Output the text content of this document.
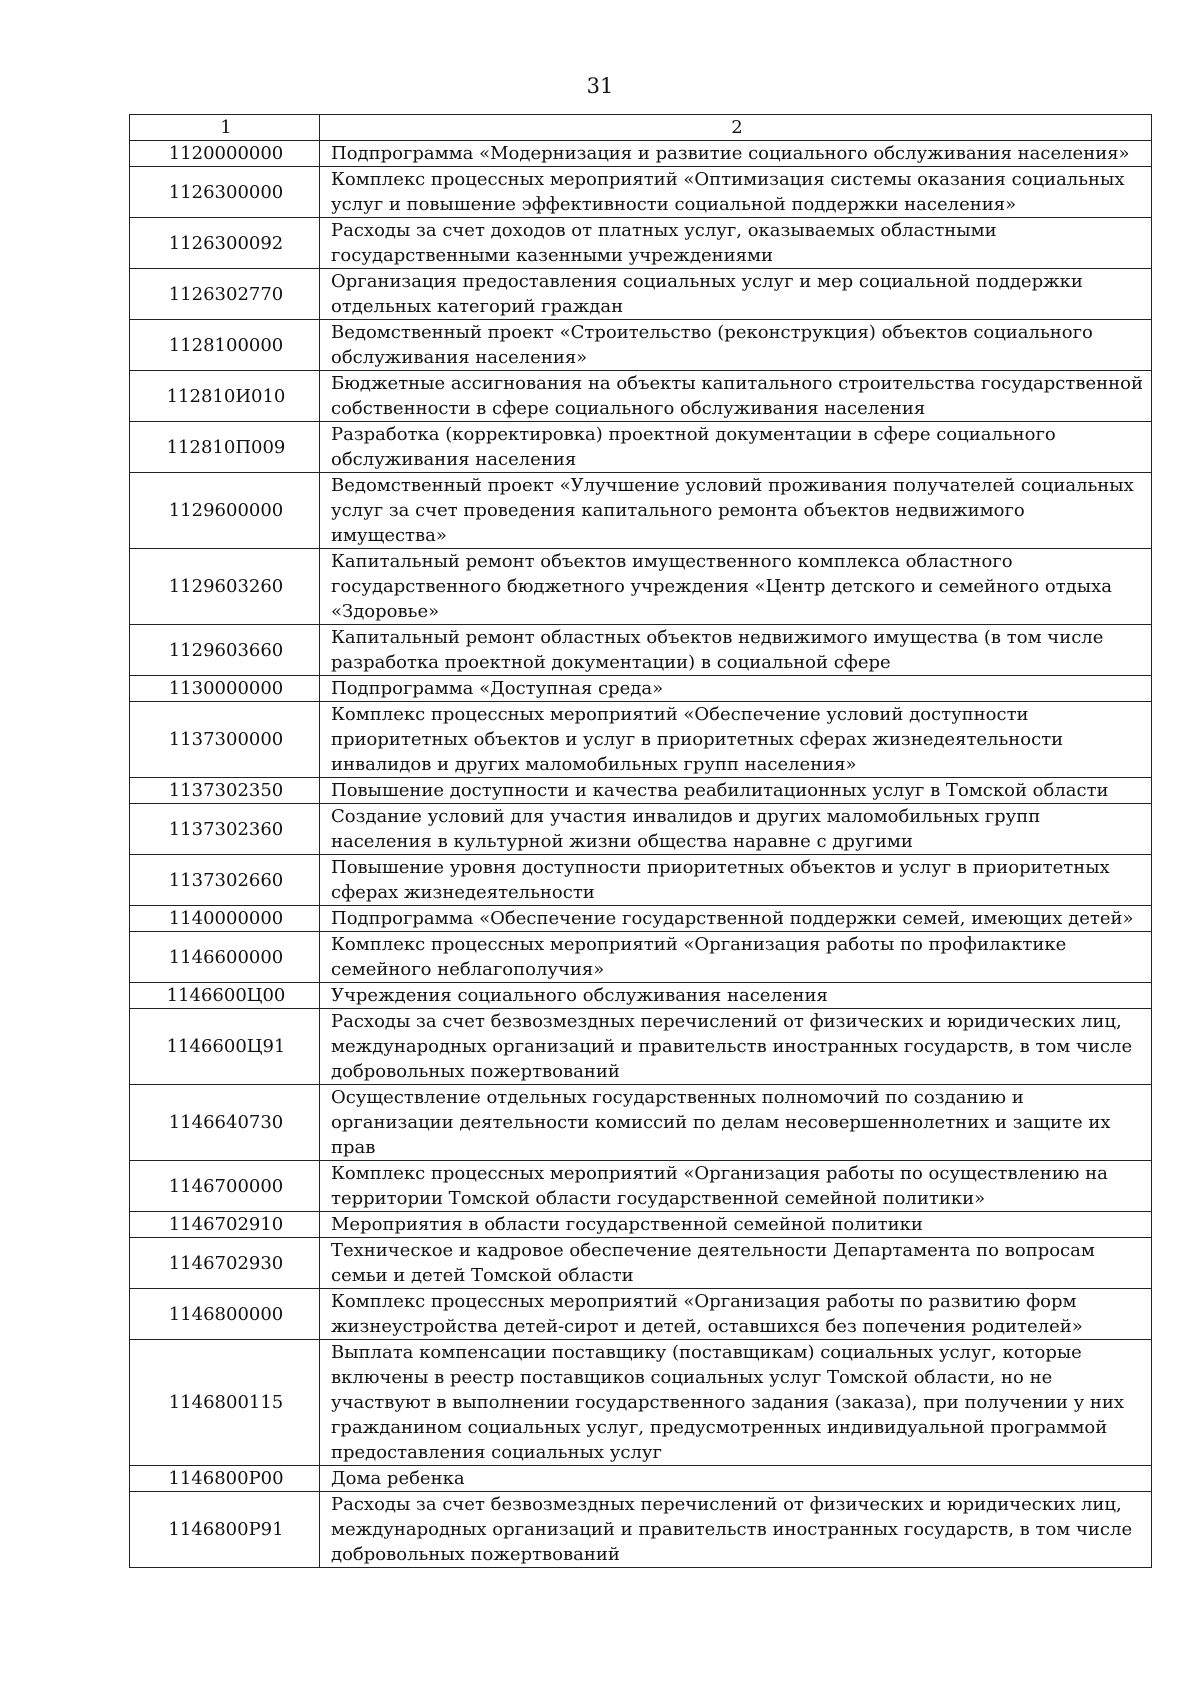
31
1	2
1120000000	Подпрограмма «Модернизация и развитие социального обслуживания населения»
1126300000	Комплекс процессных мероприятий «Оптимизация системы оказания социальных услуг и повышение эффективности социальной поддержки населения»
1126300092	Расходы за счет доходов от платных услуг, оказываемых областными государственными казенными учреждениями
1126302770	Организация предоставления социальных услуг и мер социальной поддержки отдельных категорий граждан
1128100000	Ведомственный проект «Строительство (реконструкция) объектов социального обслуживания населения»
112810И010	Бюджетные ассигнования на объекты капитального строительства государственной собственности в сфере социального обслуживания населения
112810П009	Разработка (корректировка) проектной документации в сфере социального обслуживания населения
1129600000	Ведомственный проект «Улучшение условий проживания получателей социальных услуг за счет проведения капитального ремонта объектов недвижимого имущества»
1129603260	Капитальный ремонт объектов имущественного комплекса областного государственного бюджетного учреждения «Центр детского и семейного отдыха «Здоровье»
1129603660	Капитальный ремонт областных объектов недвижимого имущества (в том числе разработка проектной документации) в социальной сфере
1130000000	Подпрограмма «Доступная среда»
1137300000	Комплекс процессных мероприятий «Обеспечение условий доступности приоритетных объектов и услуг в приоритетных сферах жизнедеятельности инвалидов и других маломобильных групп населения»
1137302350	Повышение доступности и качества реабилитационных услуг в Томской области
1137302360	Создание условий для участия инвалидов и других маломобильных групп населения в культурной жизни общества наравне с другими
1137302660	Повышение уровня доступности приоритетных объектов и услуг в приоритетных сферах жизнедеятельности
1140000000	Подпрограмма «Обеспечение государственной поддержки семей, имеющих детей»
1146600000	Комплекс процессных мероприятий «Организация работы по профилактике семейного неблагополучия»
1146600Ц00	Учреждения социального обслуживания населения
1146600Ц91	Расходы за счет безвозмездных перечислений от физических и юридических лиц, международных организаций и правительств иностранных государств, в том числе добровольных пожертвований
1146640730	Осуществление отдельных государственных полномочий по созданию и организации деятельности комиссий по делам несовершеннолетних и защите их прав
1146700000	Комплекс процессных мероприятий «Организация работы по осуществлению на территории Томской области государственной семейной политики»
1146702910	Мероприятия в области государственной семейной политики
1146702930	Техническое и кадровое обеспечение деятельности Департамента по вопросам семьи и детей Томской области
1146800000	Комплекс процессных мероприятий «Организация работы по развитию форм жизнеустройства детей-сирот и детей, оставшихся без попечения родителей»
1146800115	Выплата компенсации поставщику (поставщикам) социальных услуг, которые включены в реестр поставщиков социальных услуг Томской области, но не участвуют в выполнении государственного задания (заказа), при получении у них гражданином социальных услуг, предусмотренных индивидуальной программой предоставления социальных услуг
1146800Р00	Дома ребенка
1146800Р91	Расходы за счет безвозмездных перечислений от физических и юридических лиц, международных организаций и правительств иностранных государств, в том числе добровольных пожертвований
